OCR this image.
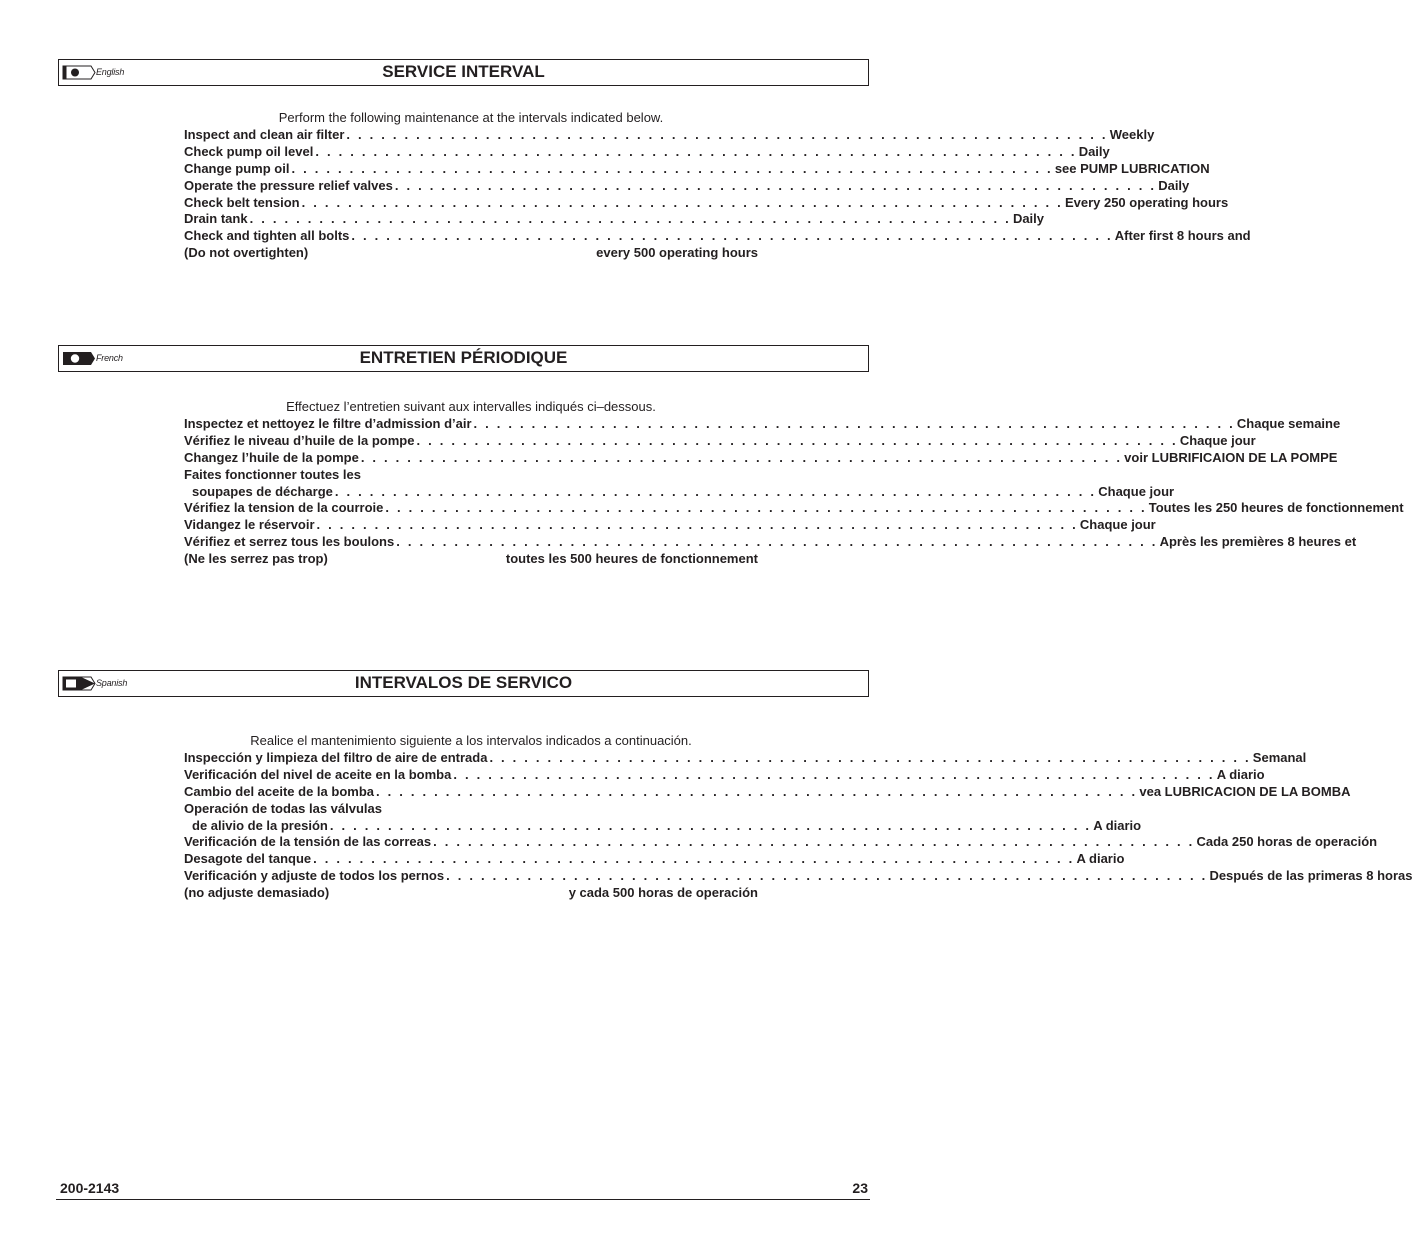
English	SERVICE INTERVAL
Perform the following maintenance at the intervals indicated below.
Inspect and clean air filter . . . . . . . . . . . . . . . . . . . . . . . . . . . . . . . . . . . . . . . . . . . . . . . . . . . . . . . . . . . . . . . . . . Weekly
Check pump oil level . . . . . . . . . . . . . . . . . . . . . . . . . . . . . . . . . . . . . . . . . . . . . . . . . . . . . . . . . . . . . . . . . . Daily
Change pump oil . . . . . . . . . . . . . . . . . . . . . . . . . . . . . . . . . . . . . . . . . . . . . . . . . . . . . . . . . . . . . . . . . . see PUMP LUBRICATION
Operate the pressure relief valves . . . . . . . . . . . . . . . . . . . . . . . . . . . . . . . . . . . . . . . . . . . . . . . . . . . . . . . . . . . . . . . . . . Daily
Check belt tension . . . . . . . . . . . . . . . . . . . . . . . . . . . . . . . . . . . . . . . . . . . . . . . . . . . . . . . . . . . . . . . . . . Every 250 operating hours
Drain tank . . . . . . . . . . . . . . . . . . . . . . . . . . . . . . . . . . . . . . . . . . . . . . . . . . . . . . . . . . . . . . . . . . Daily
Check and tighten all bolts . . . . . . . . . . . . . . . . . . . . . . . . . . . . . . . . . . . . . . . . . . . . . . . . . . . . . . . . . . . . . . . . . . After first 8 hours and
(Do not overtighten)	every 500 operating hours
French	ENTRETIEN PÉRIODIQUE
Effectuez l’entretien suivant aux intervalles indiqués ci–dessous.
Inspectez et nettoyez le filtre d’admission d’air . . . . . . . . . . . . . . . . . . . . . . . . . . . . . . . . . . . . . . . . . . . . . . . . . . . . . . . . . . . . . . . . . . Chaque semaine
Vérifiez le niveau d’huile de la pompe . . . . . . . . . . . . . . . . . . . . . . . . . . . . . . . . . . . . . . . . . . . . . . . . . . . . . . . . . . . . . . . . . . Chaque jour
Changez l’huile de la pompe . . . . . . . . . . . . . . . . . . . . . . . . . . . . . . . . . . . . . . . . . . . . . . . . . . . . . . . . . . . . . . . . . . voir LUBRIFICAION DE LA POMPE
Faites fonctionner toutes les
soupapes de décharge . . . . . . . . . . . . . . . . . . . . . . . . . . . . . . . . . . . . . . . . . . . . . . . . . . . . . . . . . . . . . . . . . . Chaque jour
Vérifiez la tension de la courroie . . . . . . . . . . . . . . . . . . . . . . . . . . . . . . . . . . . . . . . . . . . . . . . . . . . . . . . . . . . . . . . . . . Toutes les 250 heures de fonctionnement
Vidangez le réservoir . . . . . . . . . . . . . . . . . . . . . . . . . . . . . . . . . . . . . . . . . . . . . . . . . . . . . . . . . . . . . . . . . . Chaque jour
Vérifiez et serrez tous les boulons . . . . . . . . . . . . . . . . . . . . . . . . . . . . . . . . . . . . . . . . . . . . . . . . . . . . . . . . . . . . . . . . . . Après les premières 8 heures et
(Ne les serrez pas trop)	toutes les 500 heures de fonctionnement
Spanish	INTERVALOS DE SERVICO
Realice el mantenimiento siguiente a los intervalos indicados a continuación.
Inspección y limpieza del filtro de aire de entrada . . . . . . . . . . . . . . . . . . . . . . . . . . . . . . . . . . . . . . . . . . . . . . . . . . . . . . . . . . . . . . . . . . Semanal
Verificación del nivel de aceite en la bomba . . . . . . . . . . . . . . . . . . . . . . . . . . . . . . . . . . . . . . . . . . . . . . . . . . . . . . . . . . . . . . . . . . A diario
Cambio del aceite de la bomba . . . . . . . . . . . . . . . . . . . . . . . . . . . . . . . . . . . . . . . . . . . . . . . . . . . . . . . . . . . . . . . . . . vea LUBRICACION DE LA BOMBA
Operación de todas las válvulas
de alivio de la presión . . . . . . . . . . . . . . . . . . . . . . . . . . . . . . . . . . . . . . . . . . . . . . . . . . . . . . . . . . . . . . . . . . A diario
Verificación de la tensión de las correas . . . . . . . . . . . . . . . . . . . . . . . . . . . . . . . . . . . . . . . . . . . . . . . . . . . . . . . . . . . . . . . . . . Cada 250 horas de operación
Desagote del tanque . . . . . . . . . . . . . . . . . . . . . . . . . . . . . . . . . . . . . . . . . . . . . . . . . . . . . . . . . . . . . . . . . . A diario
Verificación y adjuste de todos los pernos . . . . . . . . . . . . . . . . . . . . . . . . . . . . . . . . . . . . . . . . . . . . . . . . . . . . . . . . . . . . . . . . . . Después de las primeras 8 horas
(no adjuste demasiado)	y cada 500 horas de operación
200-2143	23
